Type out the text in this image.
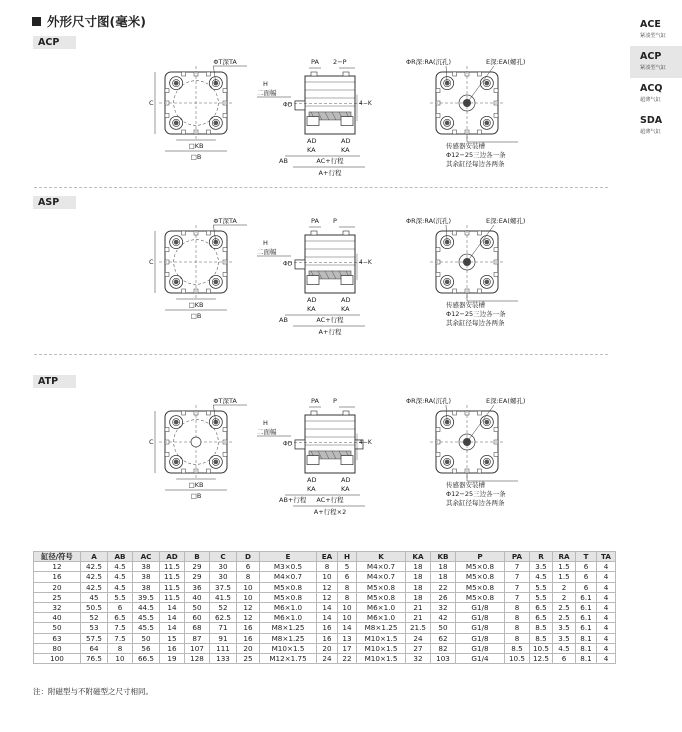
外形尺寸图(毫米)	ACE
紧凑型气缸
ACP
紧凑型气缸
ACQ
超薄气缸
SDA
超薄气缸
ACP
ASP
ATP
ΦT深TA
C
□KB
□B
PA 2−P
H
二面幅
ΦD	4−K
AD
KA
AD
KA
AB	AC+行程
A+行程
ΦR深:RA(沉孔)	E深:EA(螺孔)
传感器安装槽
Φ12−25三边各一条
其余缸径每边各两条
ΦT深TA
C
□KB
□B
PA P
H
二面幅
ΦD	4−K
AD
KA
AD
KA
AB	AC+行程
A+行程
ΦR深:RA(沉孔)	E深:EA(螺孔)
传感器安装槽
Φ12−25三边各一条
其余缸径每边各两条
ΦT深TA
C
□KB
□B
PA P
H
二面幅
ΦD	4−K
AD
KA
AD
KA
AB+行程 AC+行程
A+行程×2
ΦR深:RA(沉孔)	E深:EA(螺孔)
传感器安装槽
Φ12−25三边各一条
其余缸径每边各两条
缸径/符号	A	AB	AC	AD	B	C	D	E	EA	H	K	KA	KB	P	PA	R	RA	T	TA
12	42.5	4.5	38	11.5	29	30	6	M3×0.5	8	5	M4×0.7	18	18	M5×0.8	7	3.5	1.5	6	4
16	42.5	4.5	38	11.5	29	30	8	M4×0.7	10	6	M4×0.7	18	18	M5×0.8	7	4.5	1.5	6	4
20	42.5	4.5	38	11.5	36	37.5	10	M5×0.8	12	8	M5×0.8	18	22	M5×0.8	7	5.5	2	6	4
25	45	5.5	39.5	11.5	40	41.5	10	M5×0.8	12	8	M5×0.8	18	26	M5×0.8	7	5.5	2	6.1	4
32	50.5	6	44.5	14	50	52	12	M6×1.0	14	10	M6×1.0	21	32	G1/8	8	6.5	2.5	6.1	4
40	52	6.5	45.5	14	60	62.5	12	M6×1.0	14	10	M6×1.0	21	42	G1/8	8	6.5	2.5	6.1	4
50	53	7.5	45.5	14	68	71	16	M8×1.25	16	14	M8×1.25	21.5	50	G1/8	8	8.5	3.5	6.1	4
63	57.5	7.5	50	15	87	91	16	M8×1.25	16	13	M10×1.5	24	62	G1/8	8	8.5	3.5	8.1	4
80	64	8	56	16	107	111	20	M10×1.5	20	17	M10×1.5	27	82	G1/8	8.5	10.5	4.5	8.1	4
100	76.5	10	66.5	19	128	133	25	M12×1.75	24	22	M10×1.5	32	103	G1/4	10.5	12.5	6	8.1	4
注：附磁型与不附磁型之尺寸相同。
